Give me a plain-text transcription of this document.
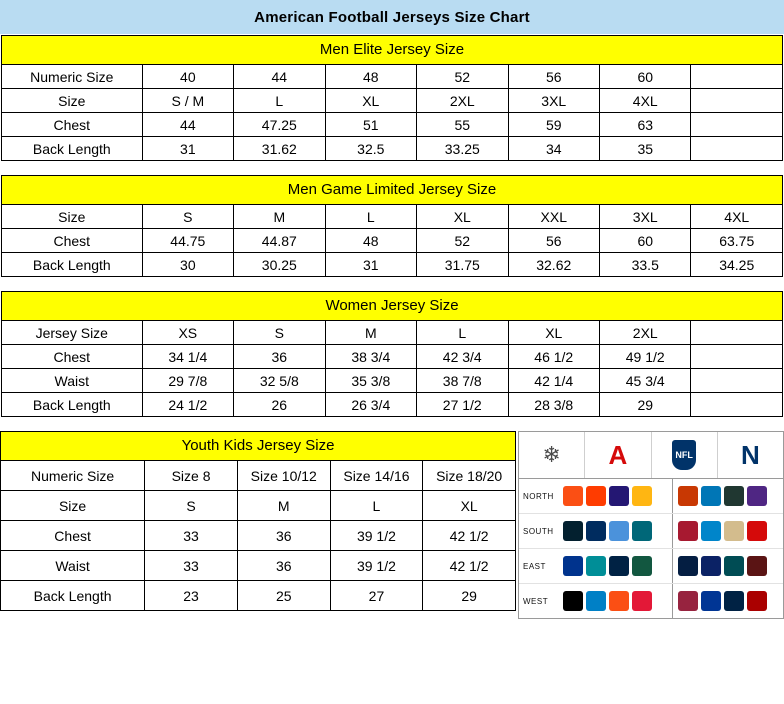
American Football Jerseys Size Chart
Men Elite Jersey Size
Numeric Size	40	44	48	52	56	60	
Size	S / M	L	XL	2XL	3XL	4XL	
Chest	44	47.25	51	55	59	63	
Back Length	31	31.62	32.5	33.25	34	35	
Men Game Limited Jersey Size
Size	S	M	L	XL	XXL	3XL	4XL
Chest	44.75	44.87	48	52	56	60	63.75
Back Length	30	30.25	31	31.75	32.62	33.5	34.25
Women Jersey Size
Jersey Size	XS	S	M	L	XL	2XL	
Chest	34 1/4	36	38 3/4	42 3/4	46 1/2	49 1/2	
Waist	29 7/8	32 5/8	35 3/8	38 7/8	42 1/4	45 3/4	
Back Length	24 1/2	26	26 3/4	27 1/2	28 3/8	29	
Youth Kids Jersey Size
Numeric Size	Size 8	Size 10/12	Size 14/16	Size 18/20
Size	S	M	L	XL
Chest	33	36	39 1/2	42 1/2
Waist	33	36	39 1/2	42 1/2
Back Length	23	25	27	29
❄ A	NFL N
NORTH
SOUTH
EAST
WEST
